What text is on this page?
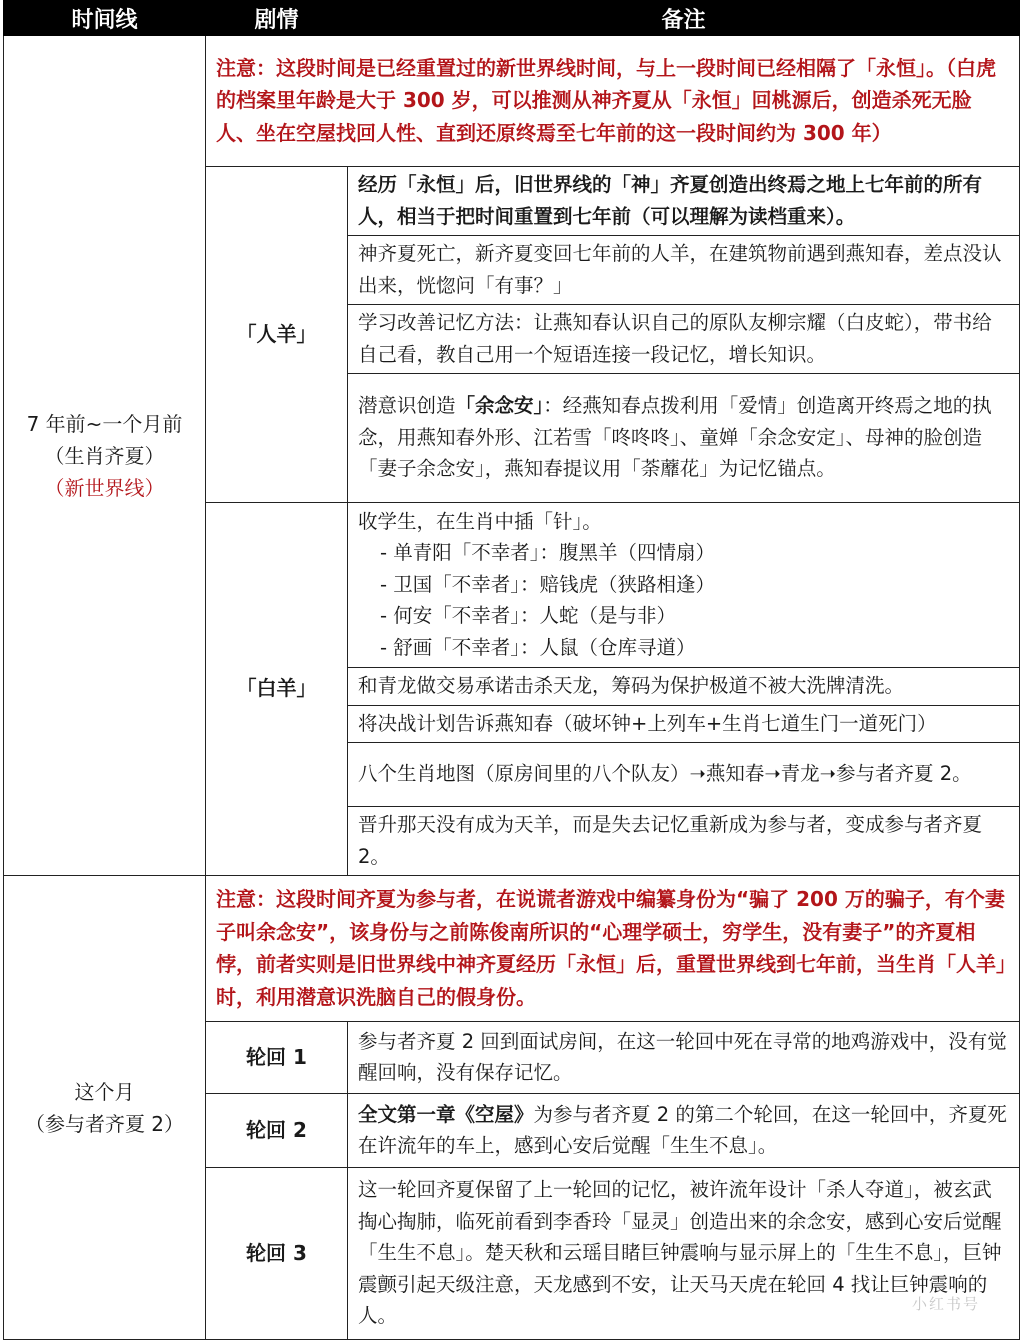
时间线	剧情	备注

7 年前~一个月前
（生肖齐夏）
（新世界线）	注意：这段时间是已经重置过的新世界线时间，与上一段时间已经相隔了「永恒」。（白虎的档案里年龄是大于 300 岁，可以推测从神齐夏从「永恒」回桃源后，创造杀死无脸人、坐在空屋找回人性、直到还原终焉至七年前的这一段时间约为 300 年）	
	「人羊」	经历「永恒」后，旧世界线的「神」齐夏创造出终焉之地上七年前的所有人，相当于把时间重置到七年前（可以理解为读档重来）。
		神齐夏死亡，新齐夏变回七年前的人羊，在建筑物前遇到燕知春，差点没认出来，恍惚问「有事？」
		学习改善记忆方法：让燕知春认识自己的原队友柳宗耀（白皮蛇），带书给自己看，教自己用一个短语连接一段记忆，增长知识。
		潜意识创造「余念安」：经燕知春点拨利用「爱情」创造离开终焉之地的执念，用燕知春外形、江若雪「咚咚咚」、童婵「余念安定」、母神的脸创造「妻子余念安」，燕知春提议用「荼蘼花」为记忆锚点。
	「白羊」	收学生，在生肖中插「针」。
- 单青阳「不幸者」：腹黑羊（四情扇）
- 卫国「不幸者」：赔钱虎（狭路相逢）
- 何安「不幸者」：人蛇（是与非）
- 舒画「不幸者」：人鼠（仓库寻道）

		和青龙做交易承诺击杀天龙，筹码为保护极道不被大洗牌清洗。
		将决战计划告诉燕知春（破坏钟+上列车+生肖七道生门一道死门）
		八个生肖地图（原房间里的八个队友）➝燕知春➝青龙➝参与者齐夏 2。
		晋升那天没有成为天羊，而是失去记忆重新成为参与者，变成参与者齐夏 2。

这个月
（参与者齐夏 2）	注意：这段时间齐夏为参与者，在说谎者游戏中编纂身份为“骗了 200 万的骗子，有个妻子叫余念安”，该身份与之前陈俊南所识的“心理学硕士，穷学生，没有妻子”的齐夏相悖，前者实则是旧世界线中神齐夏经历「永恒」后，重置世界线到七年前，当生肖「人羊」时，利用潜意识洗脑自己的假身份。	
	轮回 1	参与者齐夏 2 回到面试房间，在这一轮回中死在寻常的地鸡游戏中，没有觉醒回响，没有保存记忆。
	轮回 2	全文第一章《空屋》为参与者齐夏 2 的第二个轮回，在这一轮回中，齐夏死在许流年的车上，感到心安后觉醒「生生不息」。
	轮回 3	这一轮回齐夏保留了上一轮回的记忆，被许流年设计「杀人夺道」，被玄武掏心掏肺，临死前看到李香玲「显灵」创造出来的余念安，感到心安后觉醒「生生不息」。楚天秋和云瑶目睹巨钟震响与显示屏上的「生生不息」，巨钟震颤引起天级注意，天龙感到不安，让天马天虎在轮回 4 找让巨钟震响的人。
小红书号
